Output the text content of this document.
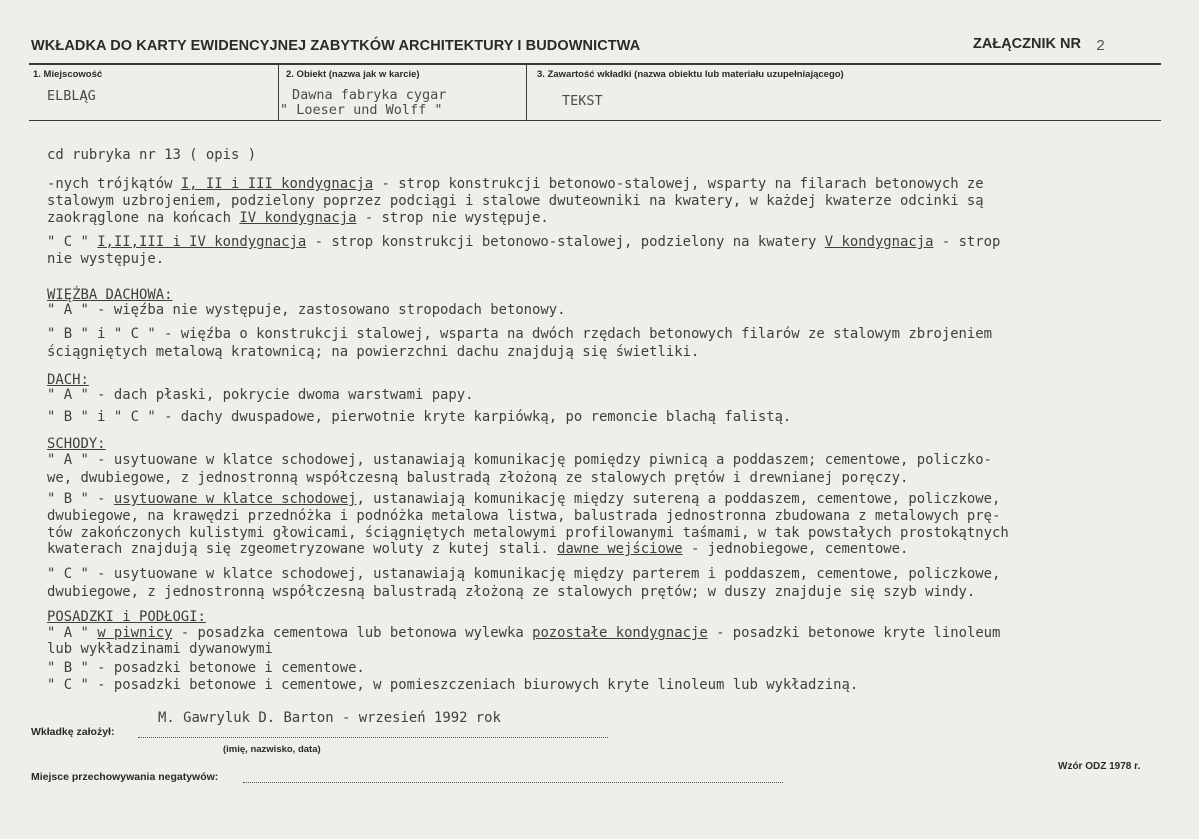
WKŁADKA DO KARTY EWIDENCYJNEJ ZABYTKÓW ARCHITEKTURY I BUDOWNICTWA	ZAŁĄCZNIK NR 2
1. Miejscowość
ELBLĄG
2. Obiekt (nazwa jak w karcie)
Dawna fabryka cygar
" Loeser und Wolff "
3. Zawartość wkładki (nazwa obiektu lub materiału uzupełniającego)
TEKST
cd rubryka nr 13 ( opis )
-nych trójkątów I, II i III kondygnacja - strop konstrukcji betonowo-stalowej, wsparty na filarach betonowych ze
stalowym uzbrojeniem, podzielony poprzez podciągi i stalowe dwuteowniki na kwatery, w każdej kwaterze odcinki są
zaokrąglone na końcach IV kondygnacja - strop nie występuje.
" C " I,II,III i IV kondygnacja - strop konstrukcji betonowo-stalowej, podzielony na kwatery V kondygnacja - strop
nie występuje.
WIĘŹBA DACHOWA:
" A " - więźba nie występuje, zastosowano stropodach betonowy.
" B " i " C " - więźba o konstrukcji stalowej, wsparta na dwóch rzędach betonowych filarów ze stalowym zbrojeniem
ściągniętych metalową kratownicą; na powierzchni dachu znajdują się świetliki.
DACH:
" A " - dach płaski, pokrycie dwoma warstwami papy.
" B " i " C " - dachy dwuspadowe, pierwotnie kryte karpiówką, po remoncie blachą falistą.
SCHODY:
" A " - usytuowane w klatce schodowej, ustanawiają komunikację pomiędzy piwnicą a poddaszem; cementowe, policzko-
we, dwubiegowe, z jednostronną współczesną balustradą złożoną ze stalowych prętów i drewnianej poręczy.
" B " - usytuowane w klatce schodowej, ustanawiają komunikację między sutereną a poddaszem, cementowe, policzkowe,
dwubiegowe, na krawędzi przednóżka i podnóżka metalowa listwa, balustrada jednostronna zbudowana z metalowych prę-
tów zakończonych kulistymi głowicami, ściągniętych metalowymi profilowanymi taśmami, w tak powstałych prostokątnych
kwaterach znajdują się zgeometryzowane woluty z kutej stali. dawne wejściowe - jednobiegowe, cementowe.
" C " - usytuowane w klatce schodowej, ustanawiają komunikację między parterem i poddaszem, cementowe, policzkowe,
dwubiegowe, z jednostronną współczesną balustradą złożoną ze stalowych prętów; w duszy znajduje się szyb windy.
POSADZKI i PODŁOGI:
" A " w piwnicy - posadzka cementowa lub betonowa wylewka pozostałe kondygnacje - posadzki betonowe kryte linoleum
lub wykładzinami dywanowymi
" B " - posadzki betonowe i cementowe.
" C " - posadzki betonowe i cementowe, w pomieszczeniach biurowych kryte linoleum lub wykładziną.
M. Gawryluk D. Barton - wrzesień 1992 rok
Wkładkę założył:
(imię, nazwisko, data)
Miejsce przechowywania negatywów:
Wzór ODZ 1978 r.
